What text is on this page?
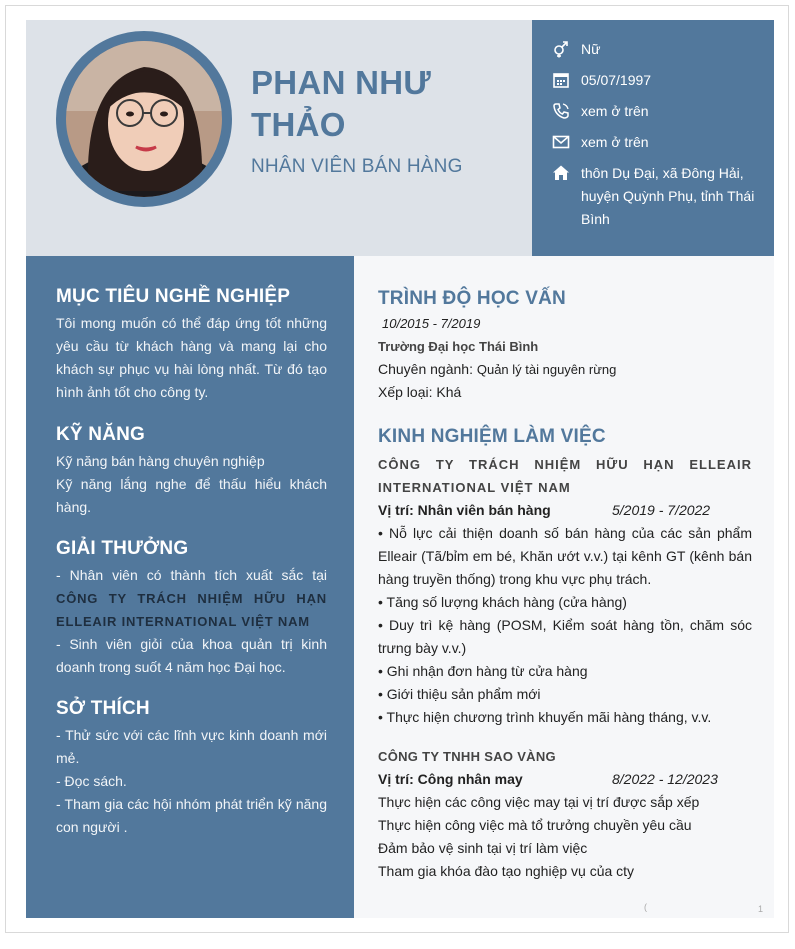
PHAN NHƯ THẢO
NHÂN VIÊN BÁN HÀNG
Nữ
05/07/1997
xem ở trên
xem ở trên
thôn Dụ Đại, xã Đông Hải, huyện Quỳnh Phụ, tỉnh Thái Bình
MỤC TIÊU NGHỀ NGHIỆP
Tôi mong muốn có thể đáp ứng tốt những yêu cầu từ khách hàng và mang lại cho khách sự phục vụ hài lòng nhất. Từ đó tạo hình ảnh tốt cho công ty.
KỸ NĂNG
Kỹ năng bán hàng chuyên nghiệp
Kỹ năng lắng nghe để thấu hiểu khách hàng.
GIẢI THƯỞNG
- Nhân viên có thành tích xuất sắc tại CÔNG TY TRÁCH NHIỆM HỮU HẠN ELLEAIR INTERNATIONAL VIỆT NAM
- Sinh viên giỏi của khoa quản trị kinh doanh trong suốt 4 năm học Đại học.
SỞ THÍCH
- Thử sức với các lĩnh vực kinh doanh mới mẻ.
- Đọc sách.
- Tham gia các hội nhóm phát triển kỹ năng con người .
TRÌNH ĐỘ HỌC VẤN
10/2015 - 7/2019
Trường Đại học Thái Bình
Chuyên ngành: Quản lý tài nguyên rừng
Xếp loại: Khá
KINH NGHIỆM LÀM VIỆC
CÔNG TY TRÁCH NHIỆM HỮU HẠN ELLEAIR INTERNATIONAL VIỆT NAM
Vị trí: Nhân viên bán hàng	5/2019 - 7/2022
• Nỗ lực cải thiện doanh số bán hàng của các sản phẩm Elleair (Tã/bỉm em bé, Khăn ướt v.v.) tại kênh GT (kênh bán hàng truyền thống) trong khu vực phụ trách.
• Tăng số lượng khách hàng (cửa hàng)
• Duy trì kệ hàng (POSM, Kiểm soát hàng tồn, chăm sóc trưng bày v.v.)
• Ghi nhận đơn hàng từ cửa hàng
• Giới thiệu sản phẩm mới
• Thực hiện chương trình khuyến mãi hàng tháng, v.v.
CÔNG TY TNHH SAO VÀNG
Vị trí: Công nhân may	8/2022 - 12/2023
Thực hiện các công việc may tại vị trí được sắp xếp
Thực hiện công việc mà tổ trưởng chuyền yêu cầu
Đảm bảo vệ sinh tại vị trí làm việc
Tham gia khóa đào tạo nghiệp vụ của cty
(	1
